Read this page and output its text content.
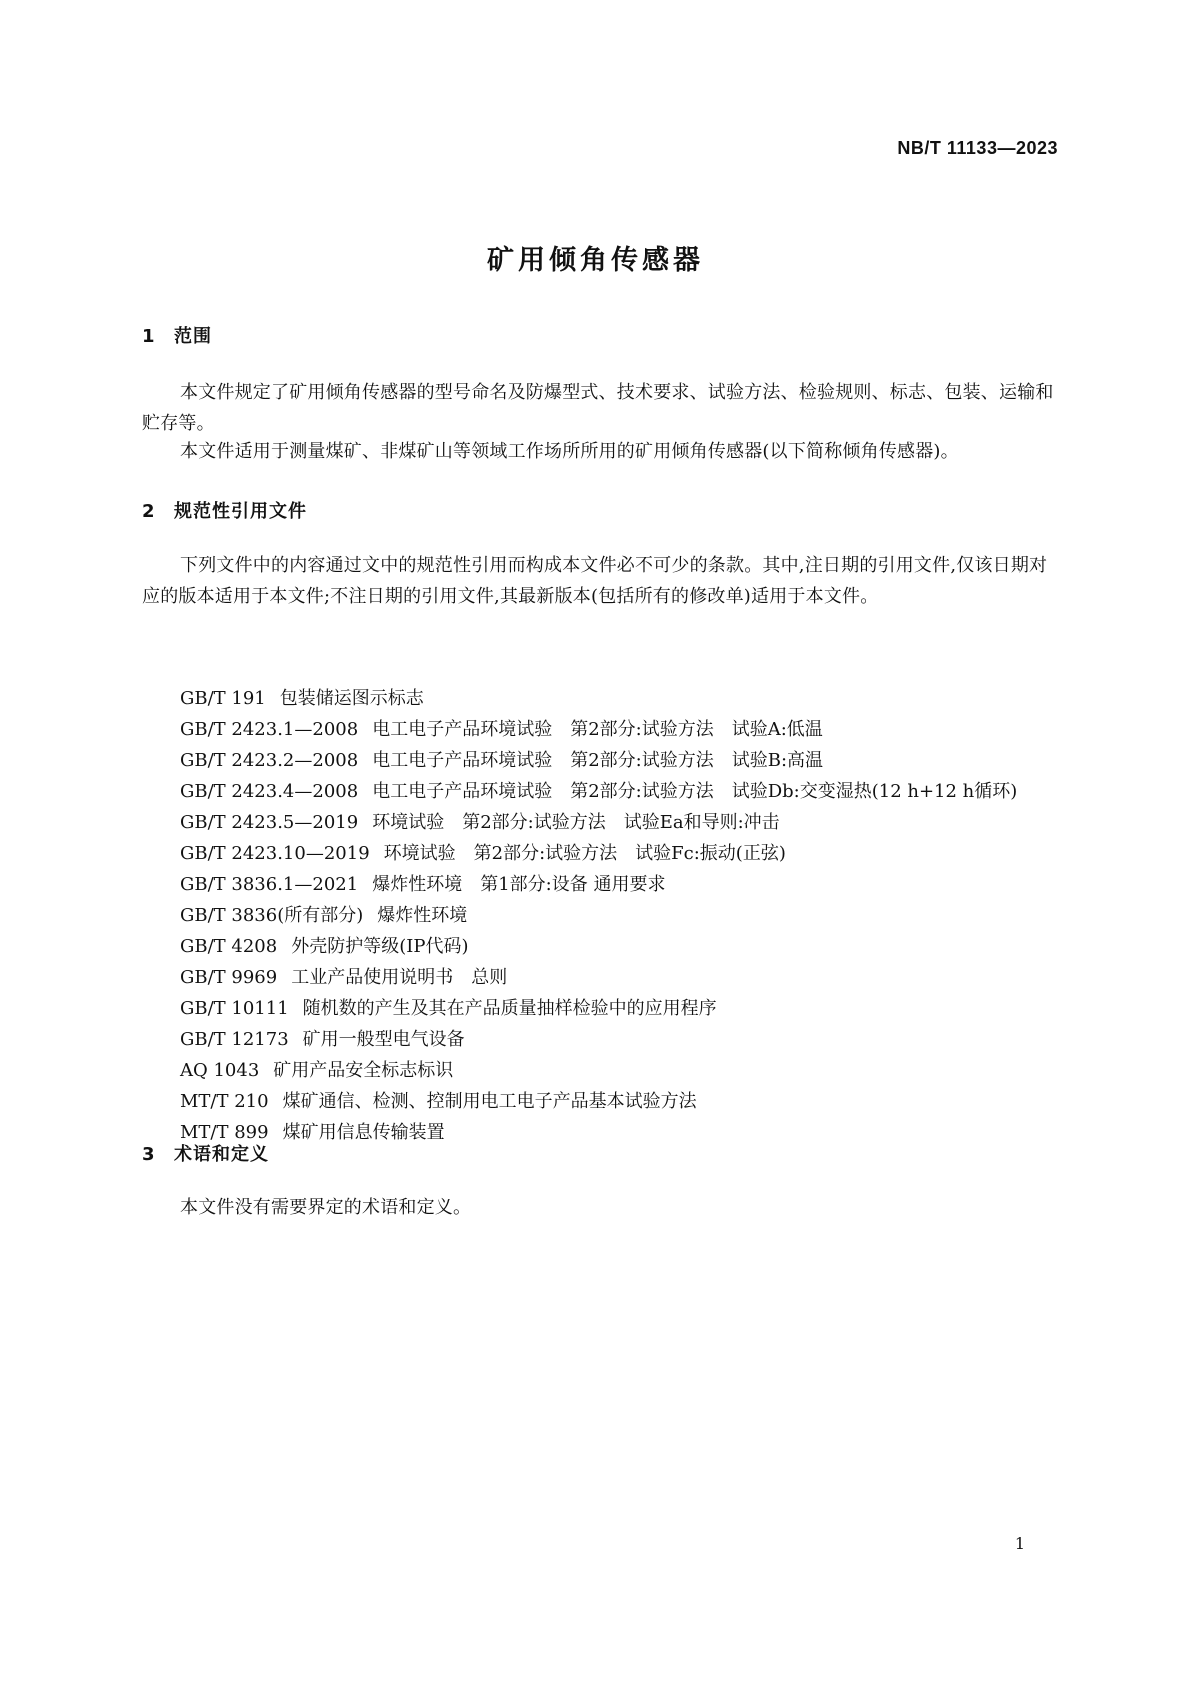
NB/T 11133—2023
矿用倾角传感器
1 范围
本文件规定了矿用倾角传感器的型号命名及防爆型式、技术要求、试验方法、检验规则、标志、包装、运输和贮存等。
本文件适用于测量煤矿、非煤矿山等领域工作场所所用的矿用倾角传感器(以下简称倾角传感器)。
2 规范性引用文件
下列文件中的内容通过文中的规范性引用而构成本文件必不可少的条款。其中,注日期的引用文件,仅该日期对应的版本适用于本文件;不注日期的引用文件,其最新版本(包括所有的修改单)适用于本文件。
GB/T 191 包装储运图示标志
GB/T 2423.1—2008 电工电子产品环境试验　第2部分:试验方法　试验A:低温
GB/T 2423.2—2008 电工电子产品环境试验　第2部分:试验方法　试验B:高温
GB/T 2423.4—2008 电工电子产品环境试验　第2部分:试验方法　试验Db:交变湿热(12 h+12 h循环)
GB/T 2423.5—2019 环境试验　第2部分:试验方法　试验Ea和导则:冲击
GB/T 2423.10—2019 环境试验　第2部分:试验方法　试验Fc:振动(正弦)
GB/T 3836.1—2021 爆炸性环境　第1部分:设备 通用要求
GB/T 3836(所有部分) 爆炸性环境
GB/T 4208 外壳防护等级(IP代码)
GB/T 9969 工业产品使用说明书　总则
GB/T 10111 随机数的产生及其在产品质量抽样检验中的应用程序
GB/T 12173 矿用一般型电气设备
AQ 1043 矿用产品安全标志标识
MT/T 210 煤矿通信、检测、控制用电工电子产品基本试验方法
MT/T 899 煤矿用信息传输装置
3 术语和定义
本文件没有需要界定的术语和定义。
1
